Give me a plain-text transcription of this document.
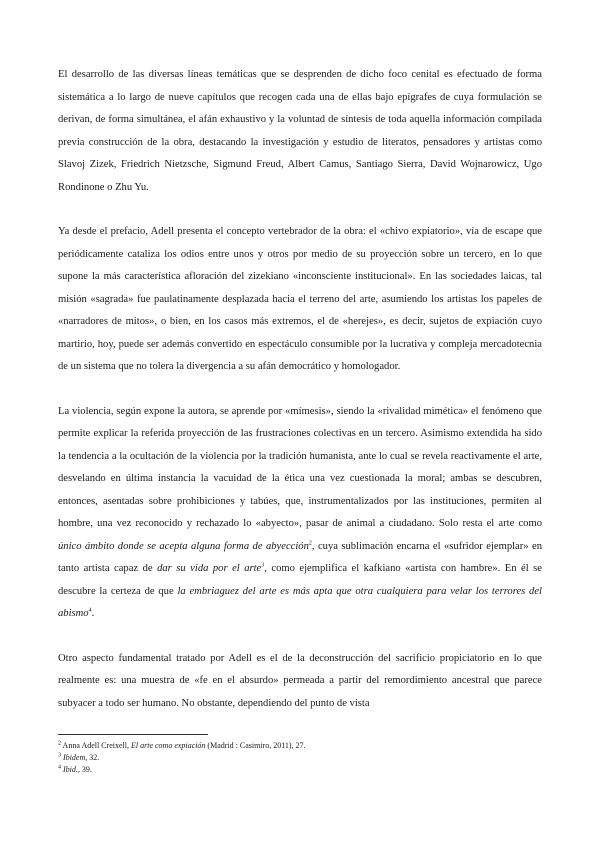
El desarrollo de las diversas líneas temáticas que se desprenden de dicho foco cenital es efectuado de forma sistemática a lo largo de nueve capítulos que recogen cada una de ellas bajo epígrafes de cuya formulación se derivan, de forma simultánea, el afán exhaustivo y la voluntad de síntesis de toda aquella información compilada previa construcción de la obra, destacando la investigación y estudio de literatos, pensadores y artistas como Slavoj Zizek, Friedrich Nietzsche, Sigmund Freud, Albert Camus, Santiago Sierra, David Wojnarowicz, Ugo Rondinone o Zhu Yu.

Ya desde el prefacio, Adell presenta el concepto vertebrador de la obra: el «chivo expiatorio», vía de escape que periódicamente cataliza los odios entre unos y otros por medio de su proyección sobre un tercero, en lo que supone la más característica afloración del zizekiano «inconsciente institucional». En las sociedades laicas, tal misión «sagrada» fue paulatinamente desplazada hacia el terreno del arte, asumiendo los artistas los papeles de «narradores de mitos», o bien, en los casos más extremos, el de «herejes», es decir, sujetos de expiación cuyo martirio, hoy, puede ser además convertido en espectáculo consumible por la lucrativa y compleja mercadotecnia de un sistema que no tolera la divergencia a su afán democrático y homologador.

La violencia, según expone la autora, se aprende por «mímesis», siendo la «rivalidad mimética» el fenómeno que permite explicar la referida proyección de las frustraciones colectivas en un tercero. Asimismo extendida ha sido la tendencia a la ocultación de la violencia por la tradición humanista, ante lo cual se revela reactivamente el arte, desvelando en última instancia la vacuidad de la ética una vez cuestionada la moral; ambas se descubren, entonces, asentadas sobre prohibiciones y tabúes, que, instrumentalizados por las instituciones, permiten al hombre, una vez reconocido y rechazado lo «abyecto», pasar de animal a ciudadano. Solo resta el arte como único ámbito donde se acepta alguna forma de abyección$^2$, cuya sublimación encarna el «sufridor ejemplar» en tanto artista capaz de dar su vida por el arte$^3$, como ejemplifica el kafkiano «artista con hambre». En él se descubre la certeza de que la embriaguez del arte es más apta que otra cualquiera para velar los terrores del abismo$^4$.

Otro aspecto fundamental tratado por Adell es el de la deconstrucción del sacrificio propiciatorio en lo que realmente es: una muestra de «fe en el absurdo» permeada a partir del remordimiento ancestral que parece subyacer a todo ser humano. No obstante, dependiendo del punto de vista

$^2$ Anna Adell Creixell, El arte como expiación (Madrid : Casimiro, 2011), 27.

$^3$ Ibidem, 32.

$^4$ Ibid., 39.
